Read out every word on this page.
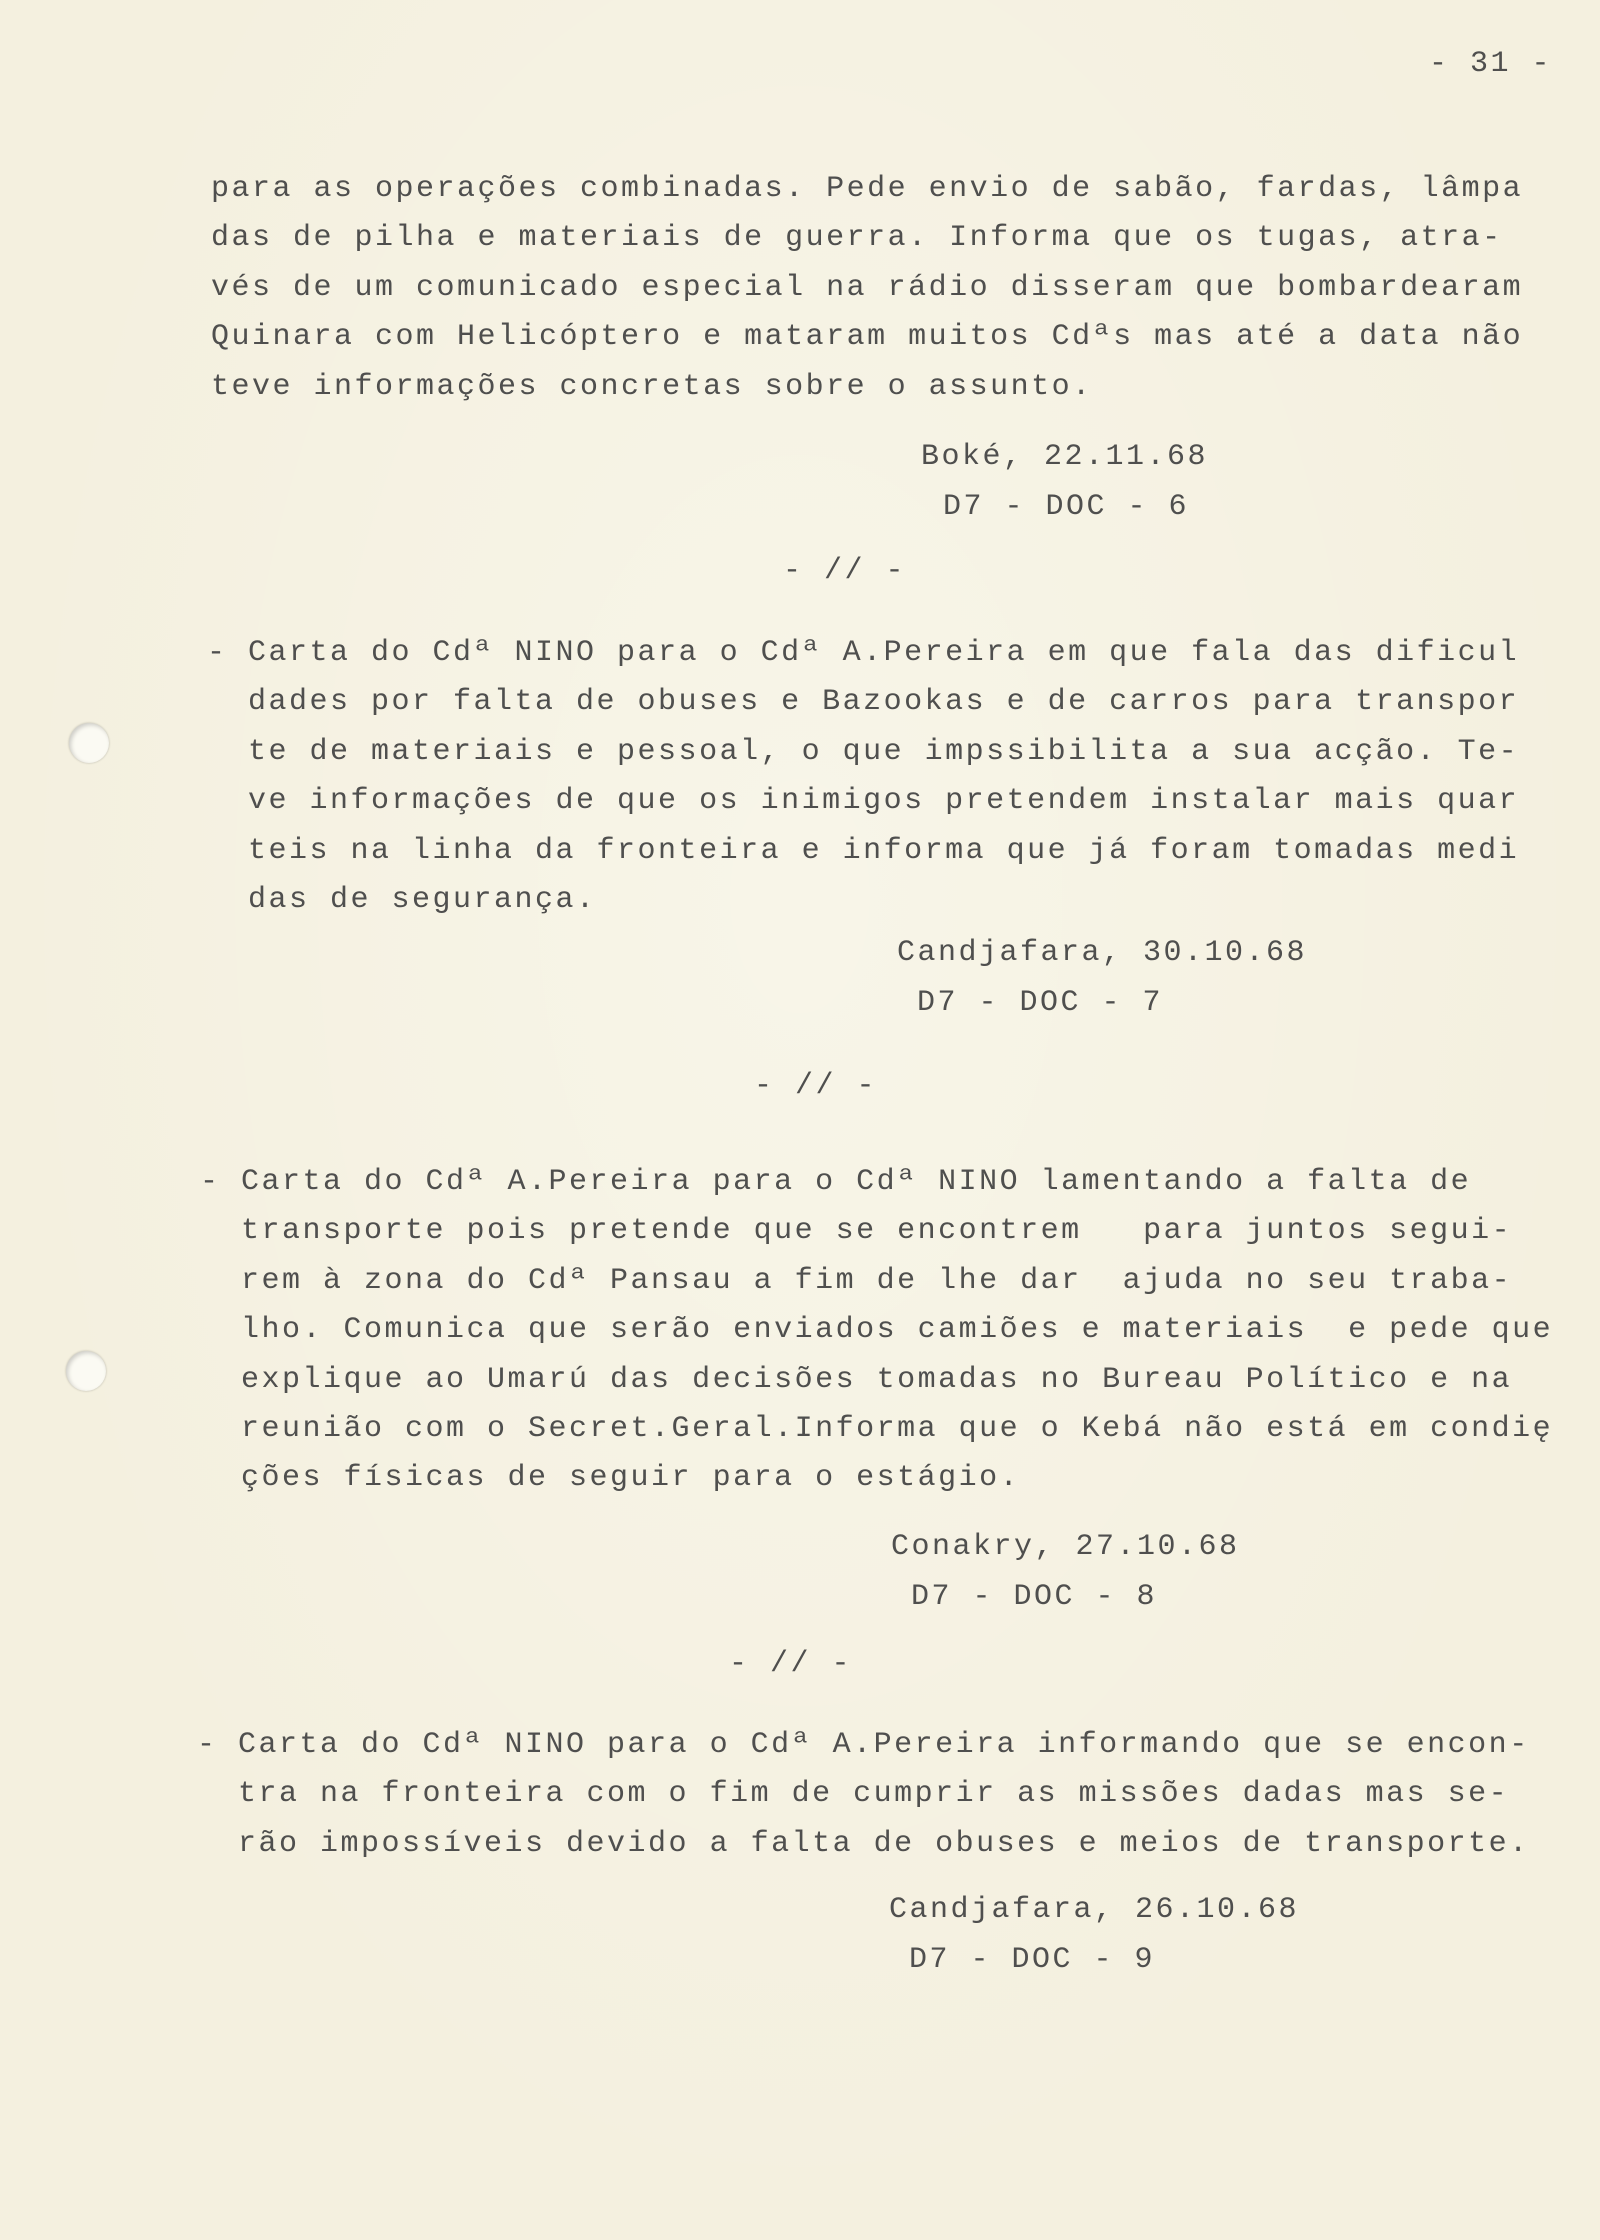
- 31 -
para as operações combinadas. Pede envio de sabão, fardas, lâmpa
das de pilha e materiais de guerra. Informa que os tugas, atra-
vés de um comunicado especial na rádio disseram que bombardearam
Quinara com Helicóptero e mataram muitos Cdªs mas até a data não
teve informações concretas sobre o assunto.
Boké, 22.11.68
D7 - DOC - 6
- // -
- Carta do Cdª NINO para o Cdª A.Pereira em que fala das dificul
dades por falta de obuses e Bazookas e de carros para transpor
te de materiais e pessoal, o que impssibilita a sua acção. Te-
ve informações de que os inimigos pretendem instalar mais quar
teis na linha da fronteira e informa que já foram tomadas medi
das de segurança.
Candjafara, 30.10.68
D7 - DOC - 7
- // -
- Carta do Cdª A.Pereira para o Cdª NINO lamentando a falta de
transporte pois pretende que se encontrem   para juntos segui-
rem à zona do Cdª Pansau a fim de lhe dar  ajuda no seu traba-
lho. Comunica que serão enviados camiões e materiais  e pede que
explique ao Umarú das decisões tomadas no Bureau Político e na
reunião com o Secret.Geral.Informa que o Kebá não está em condię
ções físicas de seguir para o estágio.
Conakry, 27.10.68
D7 - DOC - 8
- // -
- Carta do Cdª NINO para o Cdª A.Pereira informando que se encon-
tra na fronteira com o fim de cumprir as missões dadas mas se-
rão impossíveis devido a falta de obuses e meios de transporte.
Candjafara, 26.10.68
D7 - DOC - 9
